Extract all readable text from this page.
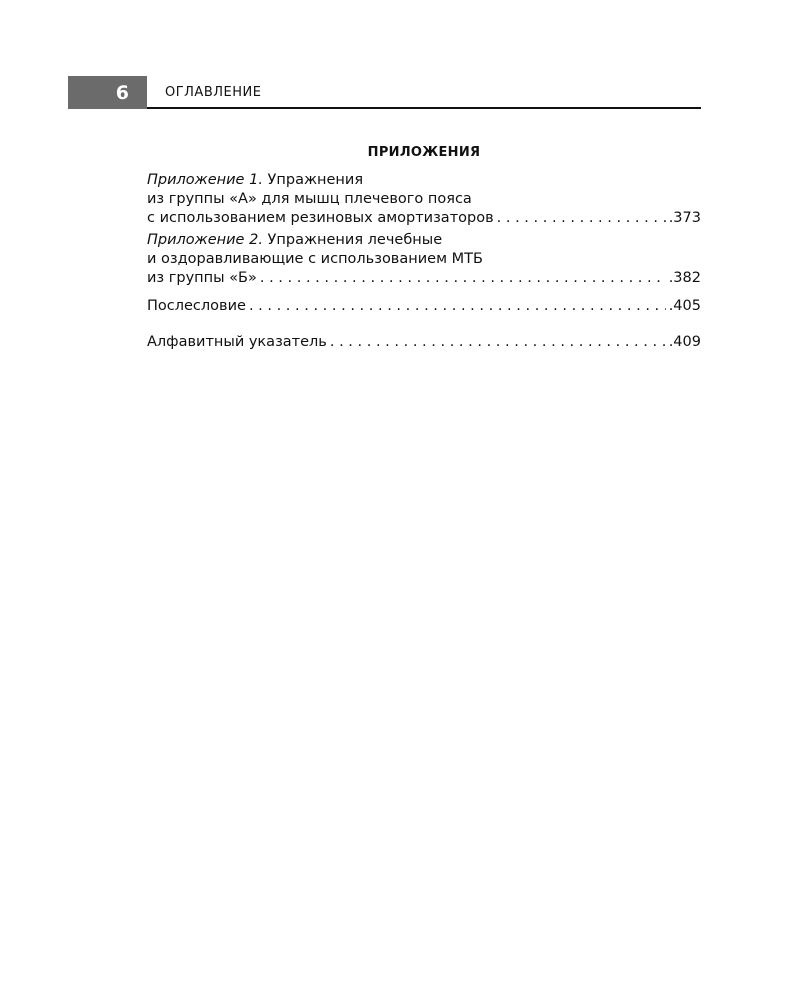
6	ОГЛАВЛЕНИЕ
ПРИЛОЖЕНИЯ
Приложение 1. Упражнения
из группы «А» для мышц плечевого пояса
с использованием резиновых амортизаторов . . .	.373
Приложение 2. Упражнения лечебные
и оздоравливающие с использованием МТБ
из группы «Б» . . .	.382
Послесловие . . .	.405
Алфавитный указатель . . .	.409
